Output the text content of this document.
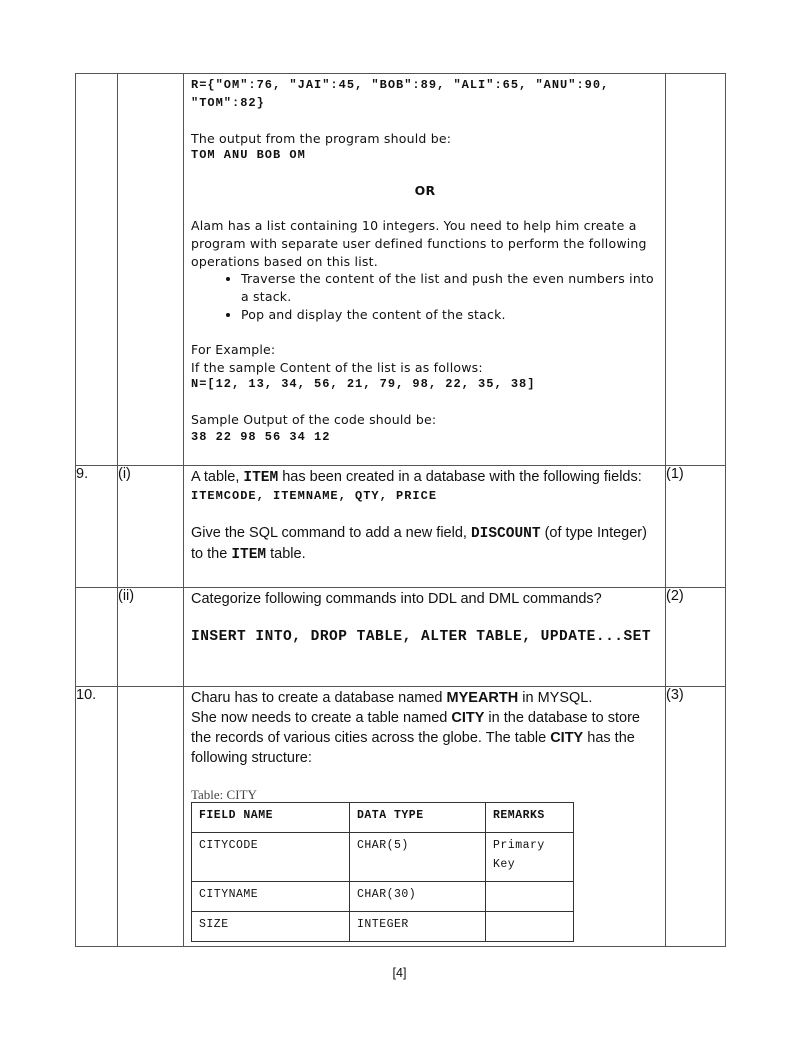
R={"OM":76, "JAI":45, "BOB":89, "ALI":65, "ANU":90,
"TOM":82}
The output from the program should be:
TOM ANU BOB OM
OR
Alam has a list containing 10 integers. You need to help him create a program with separate user defined functions to perform the following operations based on this list.
• Traverse the content of the list and push the even numbers into a stack.
• Pop and display the content of the stack.
For Example:
If the sample Content of the list is as follows:
N=[12, 13, 34, 56, 21, 79, 98, 22, 35, 38]
Sample Output of the code should be:
38 22 98 56 34 12

9.	(i)	A table, ITEM has been created in a database with the following fields:
ITEMCODE, ITEMNAME, QTY, PRICE
Give the SQL command to add a new field, DISCOUNT (of type Integer) to the ITEM table.
	(1)
	(ii)	Categorize following commands into DDL and DML commands?
INSERT INTO, DROP TABLE, ALTER TABLE, UPDATE...SET
	(2)
10.		Charu has to create a database named MYEARTH in MYSQL.
She now needs to create a table named CITY in the database to store the records of various cities across the globe. The table CITY has the following structure:
Table: CITY
FIELD NAME	DATA TYPE	REMARKS
CITYCODE	CHAR(5)	Primary Key
CITYNAME	CHAR(30)	
SIZE	INTEGER	
	(3)
[4]
